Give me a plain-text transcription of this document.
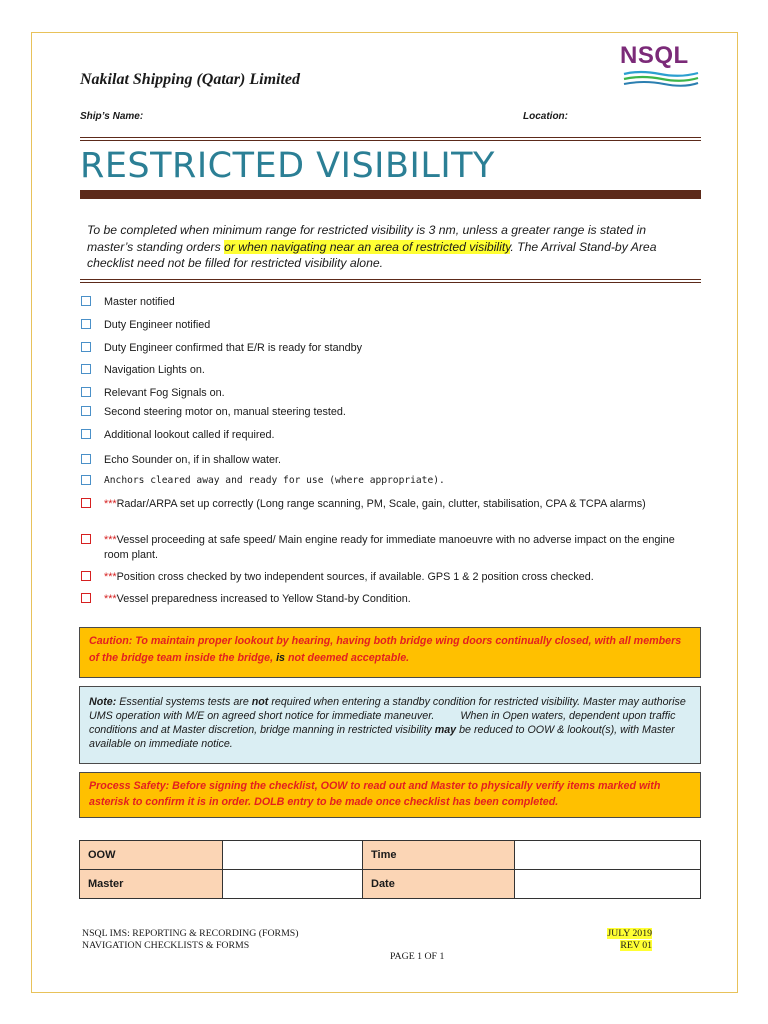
Nakilat Shipping (Qatar) Limited
NSQL
Ship’s Name:	Location:
RESTRICTED VISIBILITY
To be completed when minimum range for restricted visibility is 3 nm, unless a greater range is stated in master’s standing orders or when navigating near an area of restricted visibility. The Arrival Stand-by Area checklist need not be filled for restricted visibility alone.
Master notified
Duty Engineer notified
Duty Engineer confirmed that E/R is ready for standby
Navigation Lights on.
Relevant Fog Signals on.
Second steering motor on, manual steering tested.
Additional lookout called if required.
Echo Sounder on, if in shallow water.
Anchors cleared away and ready for use (where appropriate).
***Radar/ARPA set up correctly (Long range scanning, PM, Scale, gain, clutter, stabilisation, CPA & TCPA alarms)
***Vessel proceeding at safe speed/ Main engine ready for immediate manoeuvre with no adverse impact on the engine room plant.
***Position cross checked by two independent sources, if available. GPS 1 & 2 position cross checked.
***Vessel preparedness increased to Yellow Stand-by Condition.
Caution: To maintain proper lookout by hearing, having both bridge wing doors continually closed, with all members of the bridge team inside the bridge, is not deemed acceptable.
Note: Essential systems tests are not required when entering a standby condition for restricted visibility. Master may authorise UMS operation with M/E on agreed short notice for immediate maneuver. When in Open waters, dependent upon traffic conditions and at Master discretion, bridge manning in restricted visibility may be reduced to OOW & lookout(s), with Master available on immediate notice.
Process Safety: Before signing the checklist, OOW to read out and Master to physically verify items marked with asterisk to confirm it is in order. DOLB entry to be made once checklist has been completed.
OOW		Time	
Master		Date	
NSQL IMS: REPORTING & RECORDING (FORMS)
NAVIGATION CHECKLISTS & FORMS
JULY 2019
REV 01
PAGE 1 OF 1
